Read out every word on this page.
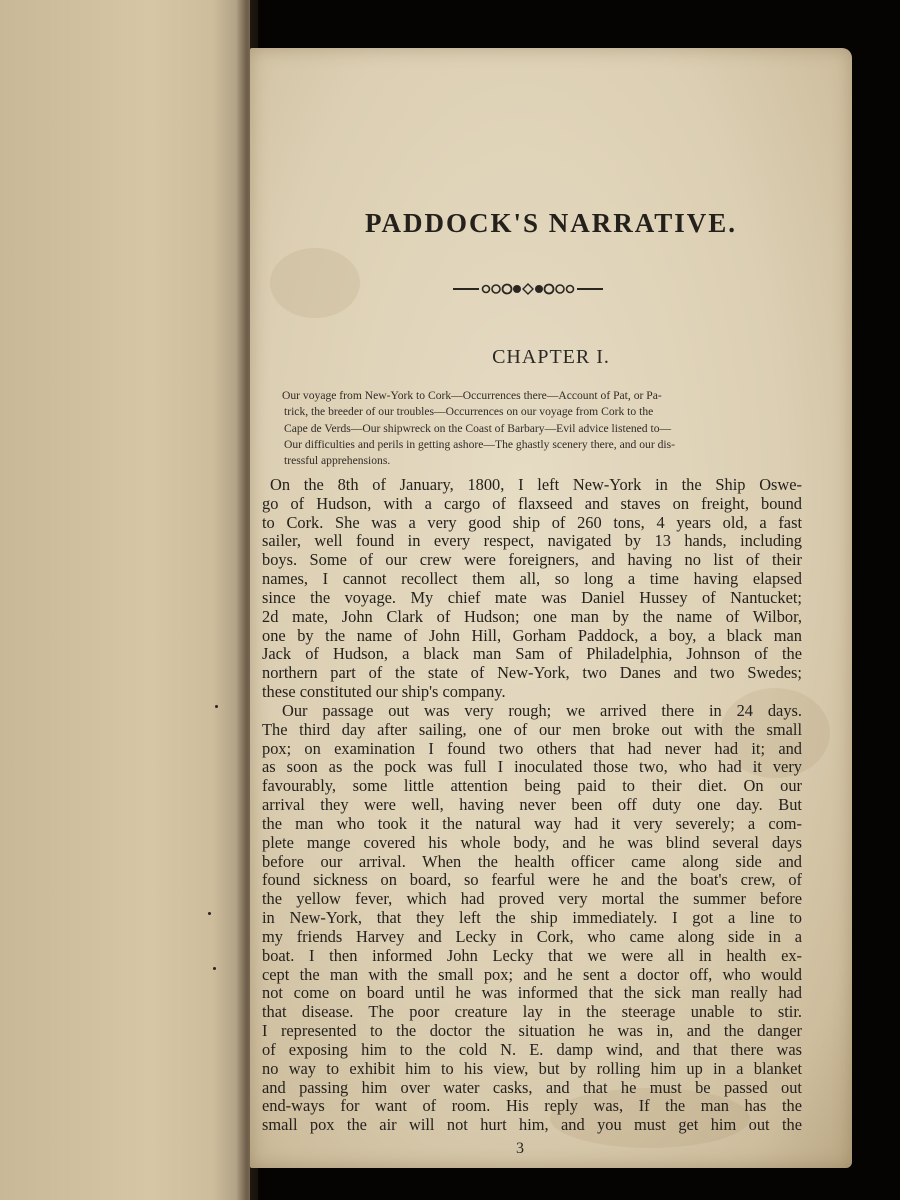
PADDOCK'S NARRATIVE.
CHAPTER I.
Our voyage from New-York to Cork—Occurrences there—Account of Pat, or Pa-
trick, the breeder of our troubles—Occurrences on our voyage from Cork to the
Cape de Verds—Our shipwreck on the Coast of Barbary—Evil advice listened to—
Our difficulties and perils in getting ashore—The ghastly scenery there, and our dis-
tressful apprehensions.
On the 8th of January, 1800, I left New-York in the Ship Oswe-
go of Hudson, with a cargo of flaxseed and staves on freight, bound
to Cork. She was a very good ship of 260 tons, 4 years old, a fast
sailer, well found in every respect, navigated by 13 hands, including
boys. Some of our crew were foreigners, and having no list of their
names, I cannot recollect them all, so long a time having elapsed
since the voyage. My chief mate was Daniel Hussey of Nantucket;
2d mate, John Clark of Hudson; one man by the name of Wilbor,
one by the name of John Hill, Gorham Paddock, a boy, a black man
Jack of Hudson, a black man Sam of Philadelphia, Johnson of the
northern part of the state of New-York, two Danes and two Swedes;
these constituted our ship's company.
Our passage out was very rough; we arrived there in 24 days.
The third day after sailing, one of our men broke out with the small
pox; on examination I found two others that had never had it; and
as soon as the pock was full I inoculated those two, who had it very
favourably, some little attention being paid to their diet. On our
arrival they were well, having never been off duty one day. But
the man who took it the natural way had it very severely; a com-
plete mange covered his whole body, and he was blind several days
before our arrival. When the health officer came along side and
found sickness on board, so fearful were he and the boat's crew, of
the yellow fever, which had proved very mortal the summer before
in New-York, that they left the ship immediately. I got a line to
my friends Harvey and Lecky in Cork, who came along side in a
boat. I then informed John Lecky that we were all in health ex-
cept the man with the small pox; and he sent a doctor off, who would
not come on board until he was informed that the sick man really had
that disease. The poor creature lay in the steerage unable to stir.
I represented to the doctor the situation he was in, and the danger
of exposing him to the cold N. E. damp wind, and that there was
no way to exhibit him to his view, but by rolling him up in a blanket
and passing him over water casks, and that he must be passed out
end-ways for want of room. His reply was, If the man has the
small pox the air will not hurt him, and you must get him out the
3
